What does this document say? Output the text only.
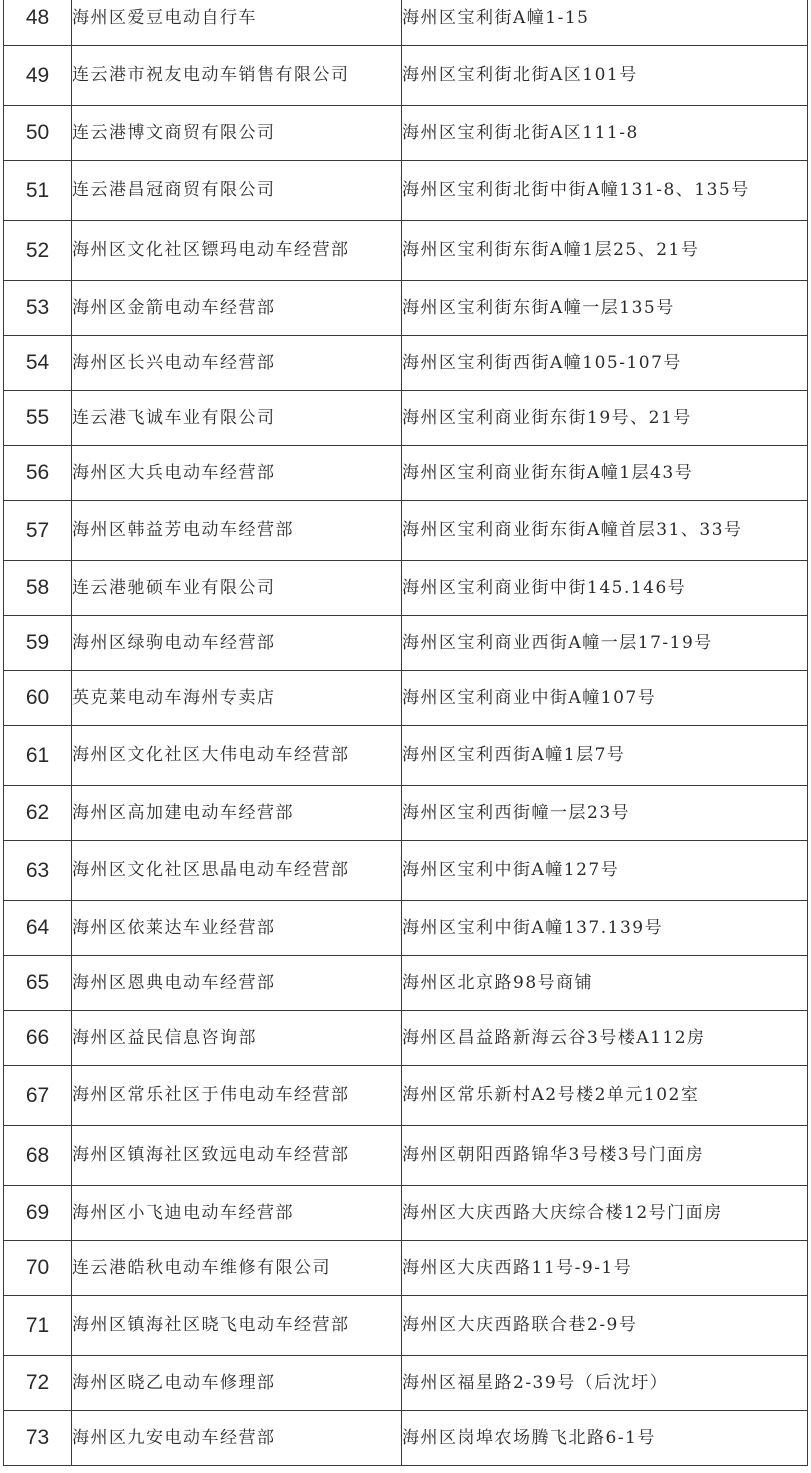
48	海州区爱豆电动自行车	海州区宝利街A幢1-15
49	连云港市祝友电动车销售有限公司	海州区宝利街北街A区101号
50	连云港博文商贸有限公司	海州区宝利街北街A区111-8
51	连云港昌冠商贸有限公司	海州区宝利街北街中街A幢131-8、135号
52	海州区文化社区镖玛电动车经营部	海州区宝利街东街A幢1层25、21号
53	海州区金箭电动车经营部	海州区宝利街东街A幢一层135号
54	海州区长兴电动车经营部	海州区宝利街西街A幢105-107号
55	连云港飞诚车业有限公司	海州区宝利商业街东街19号、21号
56	海州区大兵电动车经营部	海州区宝利商业街东街A幢1层43号
57	海州区韩益芳电动车经营部	海州区宝利商业街东街A幢首层31、33号
58	连云港驰硕车业有限公司	海州区宝利商业街中街145.146号
59	海州区绿驹电动车经营部	海州区宝利商业西街A幢一层17-19号
60	英克莱电动车海州专卖店	海州区宝利商业中街A幢107号
61	海州区文化社区大伟电动车经营部	海州区宝利西街A幢1层7号
62	海州区高加建电动车经营部	海州区宝利西街幢一层23号
63	海州区文化社区思晶电动车经营部	海州区宝利中街A幢127号
64	海州区依莱达车业经营部	海州区宝利中街A幢137.139号
65	海州区恩典电动车经营部	海州区北京路98号商铺
66	海州区益民信息咨询部	海州区昌益路新海云谷3号楼A112房
67	海州区常乐社区于伟电动车经营部	海州区常乐新村A2号楼2单元102室
68	海州区镇海社区致远电动车经营部	海州区朝阳西路锦华3号楼3号门面房
69	海州区小飞迪电动车经营部	海州区大庆西路大庆综合楼12号门面房
70	连云港皓秋电动车维修有限公司	海州区大庆西路11号-9-1号
71	海州区镇海社区晓飞电动车经营部	海州区大庆西路联合巷2-9号
72	海州区晓乙电动车修理部	海州区福星路2-39号（后沈圩）
73	海州区九安电动车经营部	海州区岗埠农场腾飞北路6-1号
